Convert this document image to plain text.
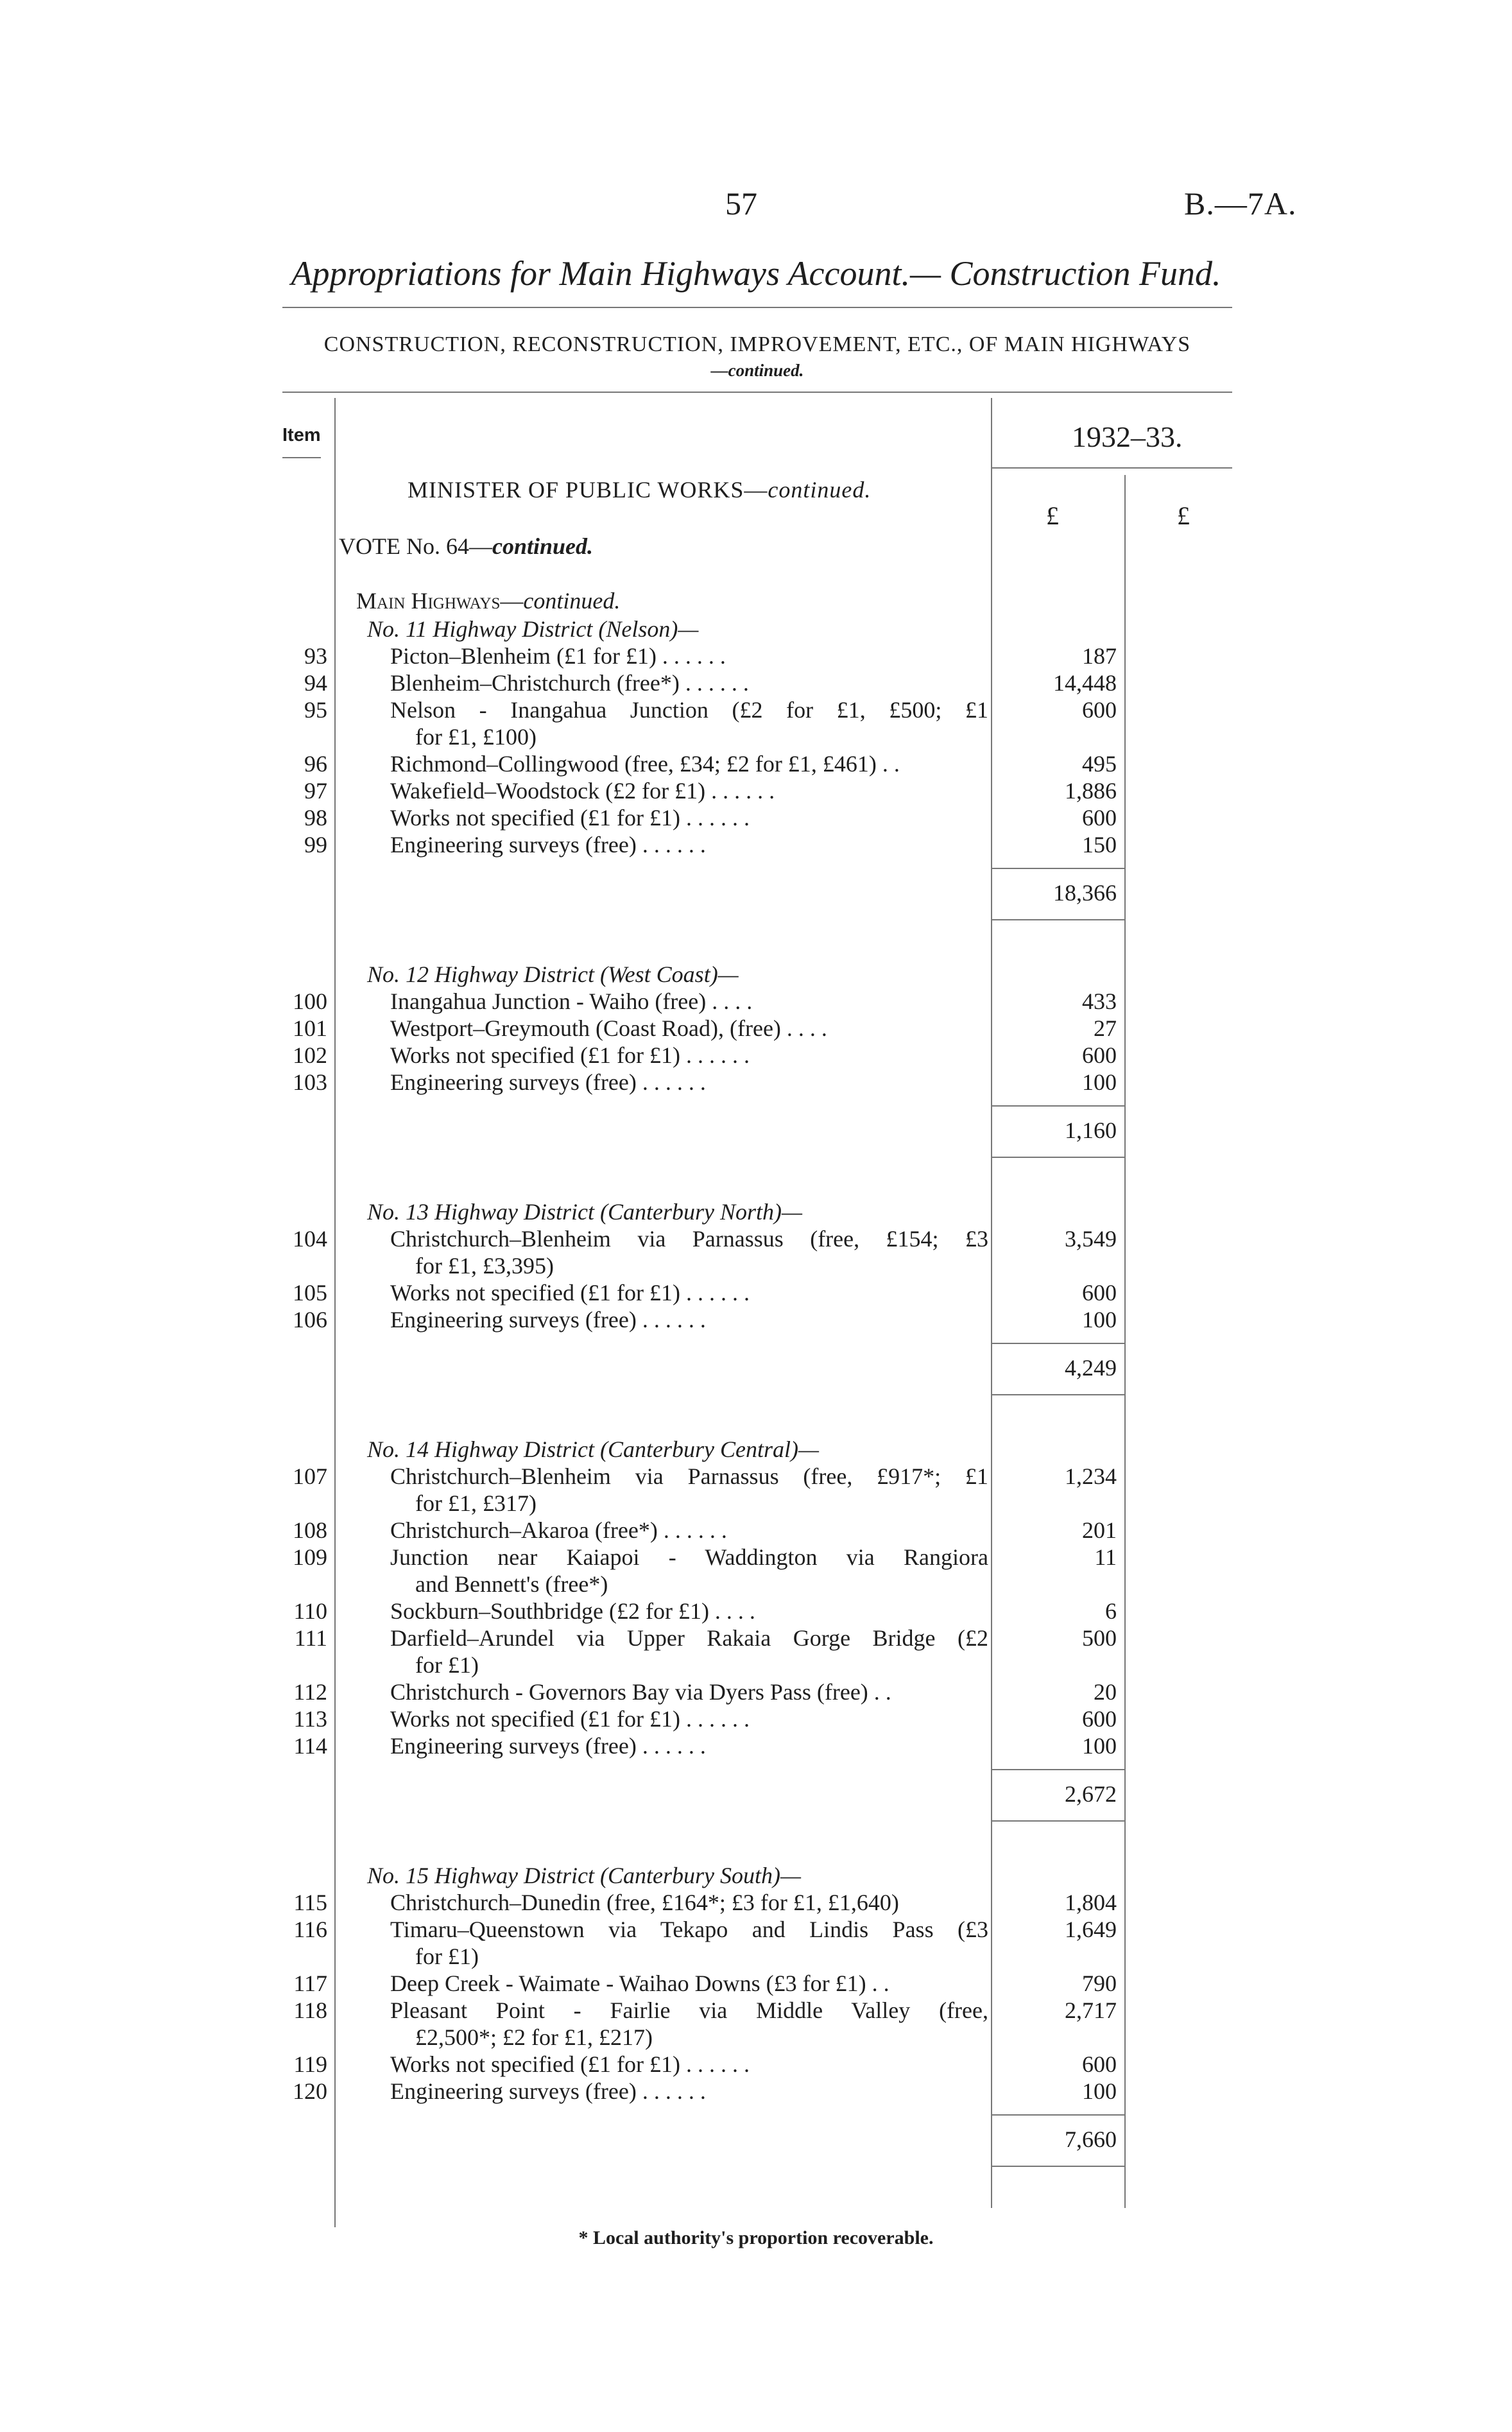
57	B.—7A.
Appropriations for Main Highways Account.— Construction Fund.
CONSTRUCTION, RECONSTRUCTION, IMPROVEMENT, ETC., OF MAIN HIGHWAYS
—continued.
Item	1932–33.
£	£
MINISTER OF PUBLIC WORKS—continued.
VOTE No. 64—continued.
Main Highways—continued.
No. 11 Highway District (Nelson)—
93	Picton–Blenheim (£1 for £1) . . . . . .	187
94	Blenheim–Christchurch (free*) . . . . . .	14,448
95	Nelson - Inangahua Junction (£2 for £1, £500; £1	600
for £1, £100)
96	Richmond–Collingwood (free, £34; £2 for £1, £461) . .	495
97	Wakefield–Woodstock (£2 for £1) . . . . . .	1,886
98	Works not specified (£1 for £1) . . . . . .	600
99	Engineering surveys (free) . . . . . .	150
18,366
No. 12 Highway District (West Coast)—
100	Inangahua Junction - Waiho (free) . . . .	433
101	Westport–Greymouth (Coast Road), (free) . . . .	27
102	Works not specified (£1 for £1) . . . . . .	600
103	Engineering surveys (free) . . . . . .	100
1,160
No. 13 Highway District (Canterbury North)—
104	Christchurch–Blenheim via Parnassus (free, £154; £3	3,549
for £1, £3,395)
105	Works not specified (£1 for £1) . . . . . .	600
106	Engineering surveys (free) . . . . . .	100
4,249
No. 14 Highway District (Canterbury Central)—
107	Christchurch–Blenheim via Parnassus (free, £917*; £1	1,234
for £1, £317)
108	Christchurch–Akaroa (free*) . . . . . .	201
109	Junction near Kaiapoi - Waddington via Rangiora	11
and Bennett's (free*)
110	Sockburn–Southbridge (£2 for £1) . . . .	6
111	Darfield–Arundel via Upper Rakaia Gorge Bridge (£2	500
for £1)
112	Christchurch - Governors Bay via Dyers Pass (free) . .	20
113	Works not specified (£1 for £1) . . . . . .	600
114	Engineering surveys (free) . . . . . .	100
2,672
No. 15 Highway District (Canterbury South)—
115	Christchurch–Dunedin (free, £164*; £3 for £1, £1,640)	1,804
116	Timaru–Queenstown via Tekapo and Lindis Pass (£3	1,649
for £1)
117	Deep Creek - Waimate - Waihao Downs (£3 for £1) . .	790
118	Pleasant Point - Fairlie via Middle Valley (free,	2,717
£2,500*; £2 for £1, £217)
119	Works not specified (£1 for £1) . . . . . .	600
120	Engineering surveys (free) . . . . . .	100
7,660
* Local authority's proportion recoverable.
